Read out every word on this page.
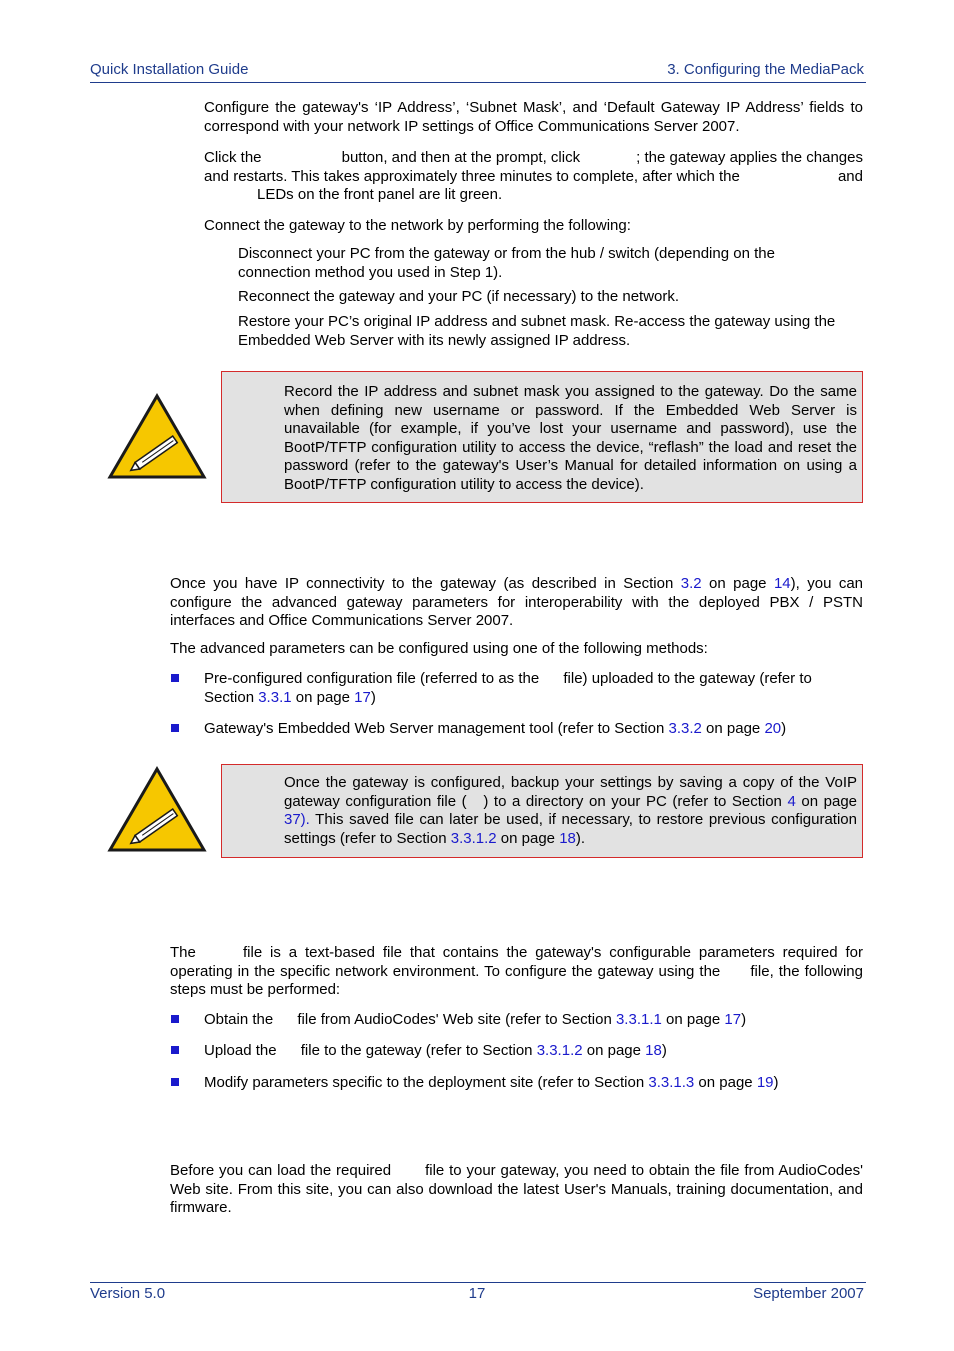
Quick Installation Guide	3. Configuring the MediaPack
Configure the gateway's ‘IP Address’, ‘Subnet Mask’, and ‘Default Gateway IP Address’ fields to correspond with your network IP settings of Office Communications Server 2007.
Click the	button, and then at the prompt, click	; the gateway applies the changes
and restarts. This takes approximately three minutes to complete, after which the	and
LEDs on the front panel are lit green.
Connect the gateway to the network by performing the following:
Disconnect your PC from the gateway or from the hub / switch (depending on the connection method you used in Step 1).
Reconnect the gateway and your PC (if necessary) to the network.
Restore your PC’s original IP address and subnet mask. Re-access the gateway using the Embedded Web Server with its newly assigned IP address.
Record the IP address and subnet mask you assigned to the gateway. Do the same when defining new username or password. If the Embedded Web Server is unavailable (for example, if you’ve lost your username and password), use the BootP/TFTP configuration utility to access the device, “reflash” the load and reset the password (refer to the gateway's User’s Manual for detailed information on using a BootP/TFTP configuration utility to access the device).
Once you have IP connectivity to the gateway (as described in Section 3.2 on page 14), you can configure the advanced gateway parameters for interoperability with the deployed PBX / PSTN interfaces and Office Communications Server 2007.
The advanced parameters can be configured using one of the following methods:
Pre-configured configuration file (referred to as the file) uploaded to the gateway (refer to
Section 3.3.1 on page 17)
Gateway's Embedded Web Server management tool (refer to Section 3.3.2 on page 20)
Once the gateway is configured, backup your settings by saving a copy of the VoIP gateway configuration file ( ) to a directory on your PC (refer to Section 4 on page 37). This saved file can later be used, if necessary, to restore previous configuration settings (refer to Section 3.3.1.2 on page 18).
The	file is a text-based file that contains the gateway's configurable parameters required for operating in the specific network environment. To configure the gateway using the file, the following steps must be performed:
Obtain the file from AudioCodes' Web site (refer to Section 3.3.1.1 on page 17)
Upload the file to the gateway (refer to Section 3.3.1.2 on page 18)
Modify parameters specific to the deployment site (refer to Section 3.3.1.3 on page 19)
Before you can load the required file to your gateway, you need to obtain the file from AudioCodes' Web site. From this site, you can also download the latest User's Manuals, training documentation, and firmware.
Version 5.0	17	September 2007
